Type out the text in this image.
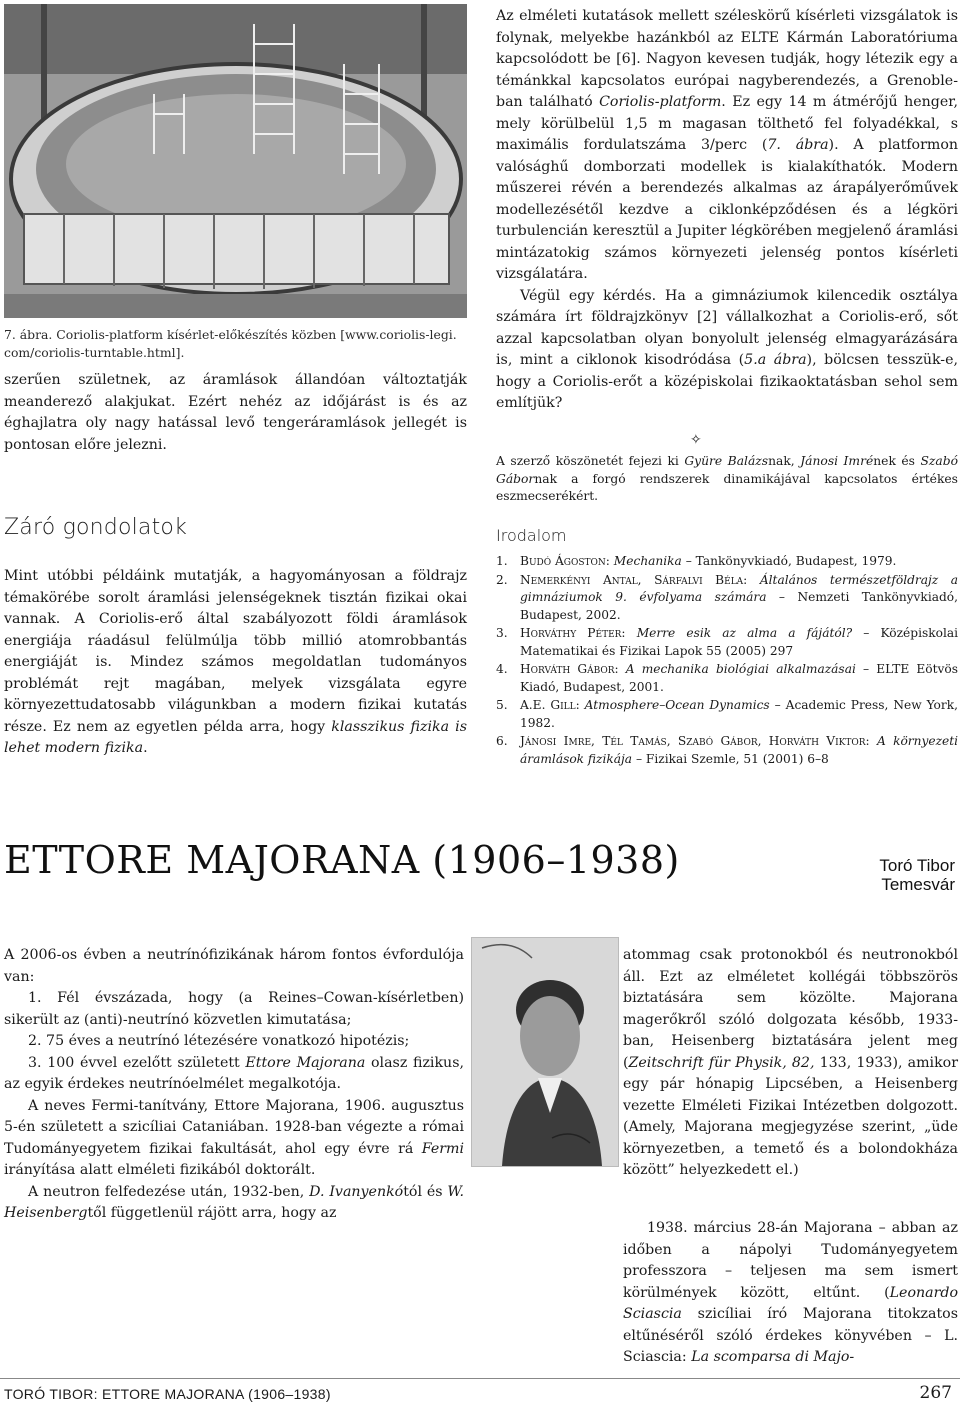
7. ábra. Coriolis-platform kísérlet-előkészítés közben [www.coriolis-legi. com/coriolis-turntable.html].

szerűen születnek, az áramlások állandóan változtatják meanderező alakjukat. Ezért nehéz az időjárást is és az éghajlatra oly nagy hatással levő tengeráramlások jellegét is pontosan előre jelezni.

Záró gondolatok

Mint utóbbi példáink mutatják, a hagyományosan a földrajz témakörébe sorolt áramlási jelenségeknek tisztán fizikai okai vannak. A Coriolis-erő által szabályozott földi áramlások energiája ráadásul felülmúlja több millió atomrobbantás energiáját is. Mindez számos megoldatlan tudományos problémát rejt magában, melyek vizsgálata egyre környezettudatosabb világunkban a modern fizikai kutatás része. Ez nem az egyetlen példa arra, hogy klasszikus fizika is lehet modern fizika.

Az elméleti kutatások mellett széleskörű kísérleti vizsgálatok is folynak, melyekbe hazánkból az ELTE Kármán Laboratóriuma kapcsolódott be [6]. Nagyon kevesen tudják, hogy létezik egy a témánkkal kapcsolatos európai nagyberendezés, a Grenoble-ban található Coriolis-platform. Ez egy 14 m átmérőjű henger, mely körülbelül 1,5 m magasan tölthető fel folyadékkal, s maximális fordulatszáma 3/perc (7. ábra). A platformon valósághű domborzati modellek is kialakíthatók. Modern műszerei révén a berendezés alkalmas az árapályerőművek modellezésétől kezdve a ciklonképződésen és a légköri turbulencián keresztül a Jupiter légkörében megjelenő áramlási mintázatokig számos környezeti jelenség pontos kísérleti vizsgálatára.

Végül egy kérdés. Ha a gimnáziumok kilencedik osztálya számára írt földrajzkönyv [2] vállalkozhat a Coriolis-erő, sőt azzal kapcsolatban olyan bonyolult jelenség elmagyarázására is, mint a ciklonok kisodródása (5.a ábra), bölcsen tesszük-e, hogy a Coriolis-erőt a középiskolai fizikaoktatásban sehol sem említjük?

✧
A szerző köszönetét fejezi ki Gyüre Balázsnak, Jánosi Imrének és Szabó Gábornak a forgó rendszerek dinamikájával kapcsolatos értékes eszmecserékért.
Irodalom
1. Budó Ágoston: Mechanika – Tankönyvkiadó, Budapest, 1979.
2. Nemerkényi Antal, Sárfalvi Béla: Általános természetföldrajz a gimnáziumok 9. évfolyama számára – Nemzeti Tankönyvkiadó, Budapest, 2002.
3. Horváthy Péter: Merre esik az alma a fájától? – Középiskolai Matematikai és Fizikai Lapok 55 (2005) 297
4. Horváth Gábor: A mechanika biológiai alkalmazásai – ELTE Eötvös Kiadó, Budapest, 2001.
5. A.E. Gill: Atmosphere–Ocean Dynamics – Academic Press, New York, 1982.
6. Jánosi Imre, Tél Tamás, Szabó Gábor, Horváth Viktor: A környezeti áramlások fizikája – Fizikai Szemle, 51 (2001) 6–8
ETTORE MAJORANA (1906–1938)	Toró Tibor
Temesvár

A 2006-os évben a neutrínófizikának három fontos évfordulója van:

1. Fél évszázada, hogy (a Reines–Cowan-kísérletben) sikerült az (anti)-neutrínó közvetlen kimutatása;

2. 75 éves a neutrínó létezésére vonatkozó hipotézis;

3. 100 évvel ezelőtt született Ettore Majorana olasz fizikus, az egyik érdekes neutrínóelmélet megalkotója.

A neves Fermi-tanítvány, Ettore Majorana, 1906. augusztus 5-én született a szicíliai Cataniában. 1928-ban végezte a római Tudományegyetem fizikai fakultását, ahol egy évre rá Fermi irányítása alatt elméleti fizikából doktorált.

A neutron felfedezése után, 1932-ben, D. Ivanyenkótól és W. Heisenbergtől függetlenül rájött arra, hogy az

atommag csak protonokból és neutronokból áll. Ezt az elméletet kollégái többszörös biztatására sem közölte. Majorana magerőkről szóló dolgozata később, 1933-ban, Heisenberg biztatására jelent meg (Zeitschrift für Physik, 82, 133, 1933), amikor egy pár hónapig Lipcsében, a Heisenberg vezette Elméleti Fizikai Intézetben dolgozott. (Amely, Majorana megjegyzése szerint, „üde környezetben, a temető és a bolondokháza között” helyezkedett el.)

1938. március 28-án Majorana – abban az időben a nápolyi Tudományegyetem professzora – teljesen ma sem ismert körülmények között, eltűnt. (Leonardo Sciascia szicíliai író Majorana titokzatos eltűnéséről szóló érdekes könyvében – L. Sciascia: La scomparsa di Majo-

TORÓ TIBOR: ETTORE MAJORANA (1906–1938)	267
